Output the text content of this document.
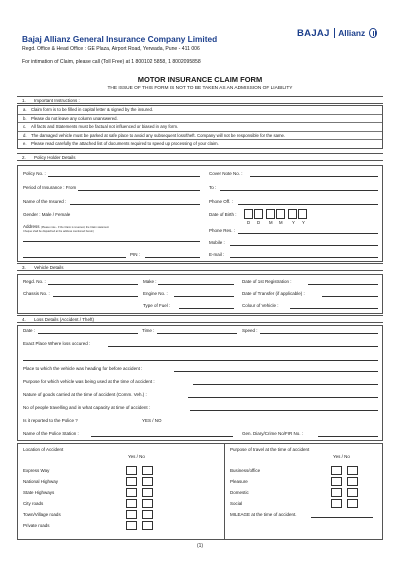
Bajaj Allianz General Insurance Company Limited
Regd. Office & Head Office : GE Plaza, Airport Road, Yerwada, Pune - 411 006
For intimation of Claim, please call (Toll Free) at 1 800102 5858, 1 8002095858
BAJAJ Allianz
MOTOR INSURANCE CLAIM FORM
THE ISSUE OF THIS FORM IS NOT TO BE TAKEN AS AN ADMISSION OF LIABILITY
1. Important Instructions :
a. Claim form is to be filled in capital letter & signed by the insured.
b. Please do not leave any column unanswered.
c. All facts and Statements must be factual not influenced or biased in any form.
d. The damaged vehicle must be parked at safe place to avoid any subsequent loss/theft. Company will not be responsible for the same.
e. Please read carefully the attached list of documents required to speed up processing of your claim.
2. Policy Holder Details
Policy No. :	Cover Note No. :
Period of Insurance : From	To :
Name of the Insured :	Phone Off. :
Gender : Male / Female	Date of Birth :
D D M M Y Y
Address (Please note - If the Claim is reversed, the Claim statement
Cheque shall be dispatched at the address mentioned herein)	Phone Res. :
Mobile :
PIN :	E-mail :
3. Vehicle Details
Regd. No. :	Make :	Date of 1st Registration :
Chassis No. :	Engine No. :	Date of Transfer (if applicable) :
Type of Fuel :	Colour of Vehicle :
4. Loss Details (Accident / Theft)
Date :	Time :	Speed :
Exact Place Where loss occured :
Place to which the vehicle was heading for before accident :
Purpose for which vehicle was being used at the time of accident :
Nature of goods carried at the time of accident (Comm. Veh.) :
No of people travelling and in what capacity at time of accident :
Is it reported to the Police ?	YES / NO
Name of the Police Station :	Gen. Diary/Crime No/FIR No. :
Location of Accident
Yes / No
Purpose of travel at the time of accident
Yes / No
Express Way
National Highway
State Highways
City roads
Town/Village roads
Private roads
Business/office
Pleasure
Domestic
Social
MILEAGE at the time of accident.
(1)
